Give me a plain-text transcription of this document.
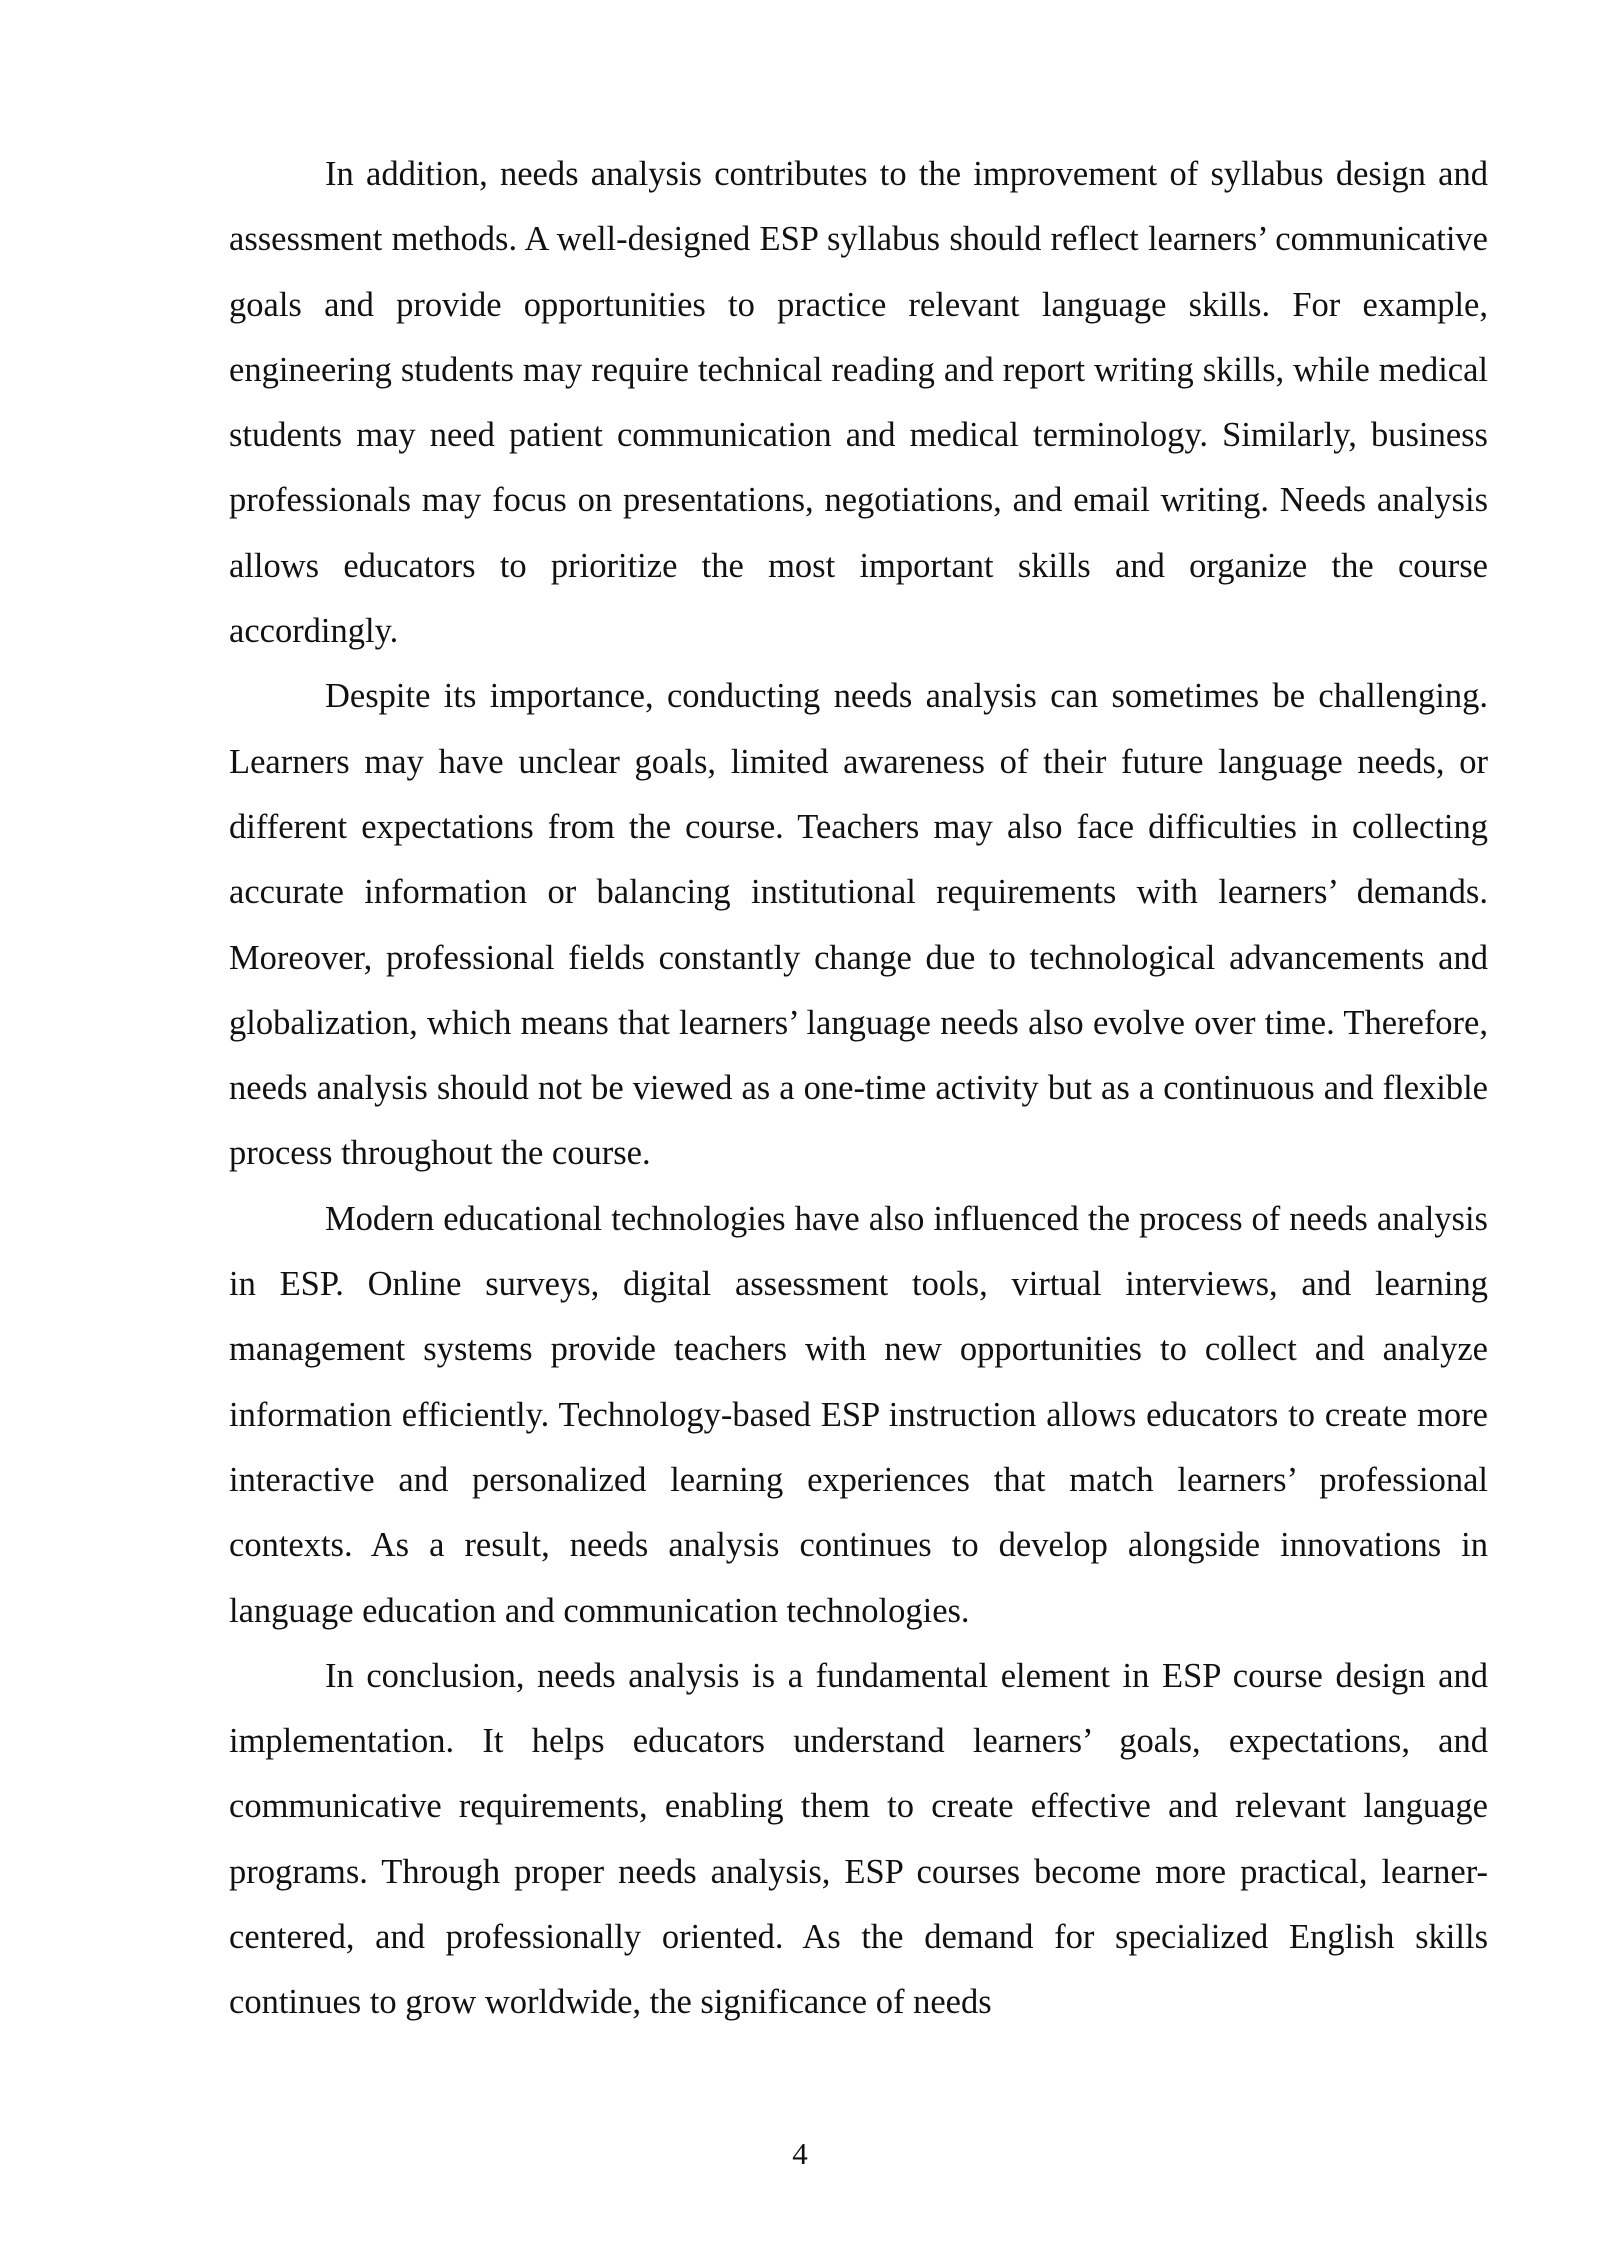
In addition, needs analysis contributes to the improvement of syllabus design and assessment methods. A well-designed ESP syllabus should reflect learners’ communicative goals and provide opportunities to practice relevant language skills. For example, engineering students may require technical reading and report writing skills, while medical students may need patient communication and medical terminology. Similarly, business professionals may focus on presentations, negotiations, and email writing. Needs analysis allows educators to prioritize the most important skills and organize the course accordingly.

Despite its importance, conducting needs analysis can sometimes be challenging. Learners may have unclear goals, limited awareness of their future language needs, or different expectations from the course. Teachers may also face difficulties in collecting accurate information or balancing institutional requirements with learners’ demands. Moreover, professional fields constantly change due to technological advancements and globalization, which means that learners’ language needs also evolve over time. Therefore, needs analysis should not be viewed as a one-time activity but as a continuous and flexible process throughout the course.

Modern educational technologies have also influenced the process of needs analysis in ESP. Online surveys, digital assessment tools, virtual interviews, and learning management systems provide teachers with new opportunities to collect and analyze information efficiently. Technology-based ESP instruction allows educators to create more interactive and personalized learning experiences that match learners’ professional contexts. As a result, needs analysis continues to develop alongside innovations in language education and communication technologies.

In conclusion, needs analysis is a fundamental element in ESP course design and implementation. It helps educators understand learners’ goals, expectations, and communicative requirements, enabling them to create effective and relevant language programs. Through proper needs analysis, ESP courses become more practical, learner-centered, and professionally oriented. As the demand for specialized English skills continues to grow worldwide, the significance of needs

4
